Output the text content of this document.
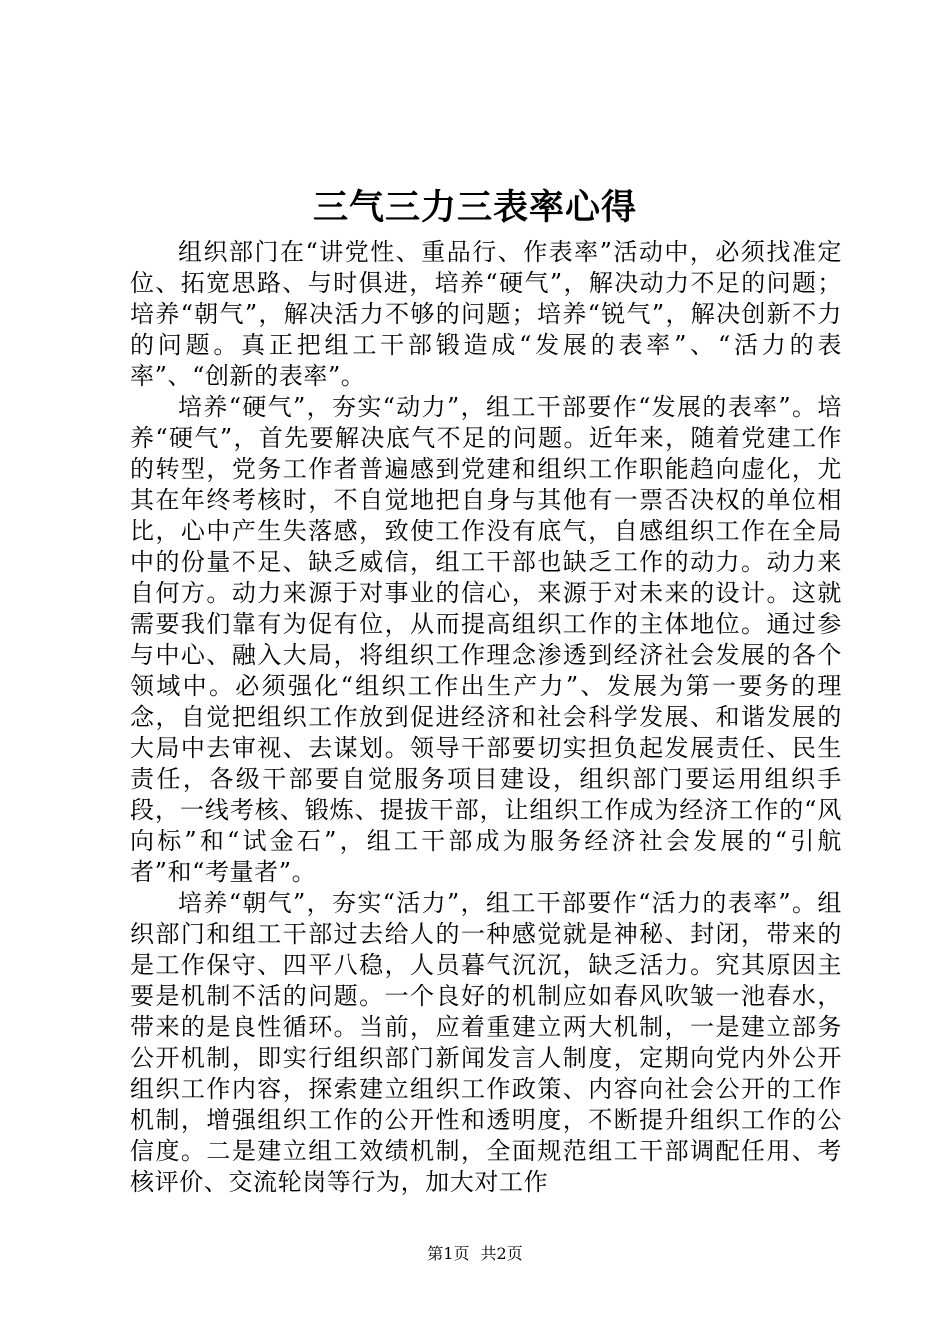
三气三力三表率心得

组织部门在“讲党性、重品行、作表率”活动中，必须找准定位、拓宽思路、与时俱进，培养“硬气”，解决动力不足的问题；培养“朝气”，解决活力不够的问题；培养“锐气”，解决创新不力的问题。真正把组工干部锻造成“发展的表率”、“活力的表率”、“创新的表率”。

培养“硬气”，夯实“动力”，组工干部要作“发展的表率”。培养“硬气”，首先要解决底气不足的问题。近年来，随着党建工作的转型，党务工作者普遍感到党建和组织工作职能趋向虚化，尤其在年终考核时，不自觉地把自身与其他有一票否决权的单位相比，心中产生失落感，致使工作没有底气，自感组织工作在全局中的份量不足、缺乏威信，组工干部也缺乏工作的动力。动力来自何方。动力来源于对事业的信心，来源于对未来的设计。这就需要我们靠有为促有位，从而提高组织工作的主体地位。通过参与中心、融入大局，将组织工作理念渗透到经济社会发展的各个领域中。必须强化“组织工作出生产力”、发展为第一要务的理念，自觉把组织工作放到促进经济和社会科学发展、和谐发展的大局中去审视、去谋划。领导干部要切实担负起发展责任、民生责任，各级干部要自觉服务项目建设，组织部门要运用组织手段，一线考核、锻炼、提拔干部，让组织工作成为经济工作的“风向标”和“试金石”，组工干部成为服务经济社会发展的“引航者”和“考量者”。

培养“朝气”，夯实“活力”，组工干部要作“活力的表率”。组织部门和组工干部过去给人的一种感觉就是神秘、封闭，带来的是工作保守、四平八稳，人员暮气沉沉，缺乏活力。究其原因主要是机制不活的问题。一个良好的机制应如春风吹皱一池春水，带来的是良性循环。当前，应着重建立两大机制，一是建立部务公开机制，即实行组织部门新闻发言人制度，定期向党内外公开组织工作内容，探索建立组织工作政策、内容向社会公开的工作机制，增强组织工作的公开性和透明度，不断提升组织工作的公信度。二是建立组工效绩机制，全面规范组工干部调配任用、考核评价、交流轮岗等行为，加大对工作

第1页 共2页
